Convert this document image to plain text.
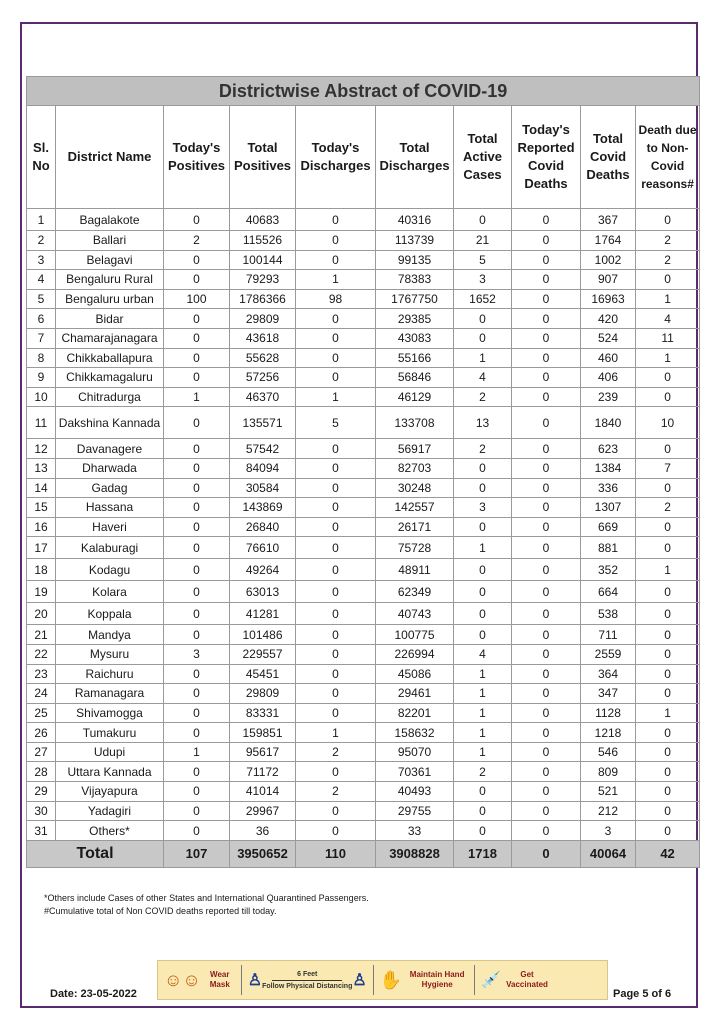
Districtwise Abstract of COVID-19									
Sl. No	District Name	Today's Positives	Total Positives	Today's Discharges	Total Discharges	Total Active Cases	Today's Reported Covid Deaths	Total Covid Deaths	Death due to Non-Covid reasons#
1	Bagalakote	0	40683	0	40316	0	0	367	0
2	Ballari	2	115526	0	113739	21	0	1764	2
3	Belagavi	0	100144	0	99135	5	0	1002	2
4	Bengaluru Rural	0	79293	1	78383	3	0	907	0
5	Bengaluru urban	100	1786366	98	1767750	1652	0	16963	1
6	Bidar	0	29809	0	29385	0	0	420	4
7	Chamarajanagara	0	43618	0	43083	0	0	524	11
8	Chikkaballapura	0	55628	0	55166	1	0	460	1
9	Chikkamagaluru	0	57256	0	56846	4	0	406	0
10	Chitradurga	1	46370	1	46129	2	0	239	0
11	Dakshina Kannada	0	135571	5	133708	13	0	1840	10
12	Davanagere	0	57542	0	56917	2	0	623	0
13	Dharwada	0	84094	0	82703	0	0	1384	7
14	Gadag	0	30584	0	30248	0	0	336	0
15	Hassana	0	143869	0	142557	3	0	1307	2
16	Haveri	0	26840	0	26171	0	0	669	0
17	Kalaburagi	0	76610	0	75728	1	0	881	0
18	Kodagu	0	49264	0	48911	0	0	352	1
19	Kolara	0	63013	0	62349	0	0	664	0
20	Koppala	0	41281	0	40743	0	0	538	0
21	Mandya	0	101486	0	100775	0	0	711	0
22	Mysuru	3	229557	0	226994	4	0	2559	0
23	Raichuru	0	45451	0	45086	1	0	364	0
24	Ramanagara	0	29809	0	29461	1	0	347	0
25	Shivamogga	0	83331	0	82201	1	0	1128	1
26	Tumakuru	0	159851	1	158632	1	0	1218	0
27	Udupi	1	95617	2	95070	1	0	546	0
28	Uttara Kannada	0	71172	0	70361	2	0	809	0
29	Vijayapura	0	41014	2	40493	0	0	521	0
30	Yadagiri	0	29967	0	29755	0	0	212	0
31	Others*	0	36	0	33	0	0	3	0
Total		107	3950652	110	3908828	1718	0	40064	42
*Others include Cases of other States and International Quarantined Passengers.
#Cumulative total of Non COVID deaths reported till today.
☺☺	Wear Mask	♙	6 Feet
Follow Physical Distancing ♙ ✋ Maintain Hand Hygiene	💉	Get Vaccinated
Date: 23-05-2022	Page 5 of 6
